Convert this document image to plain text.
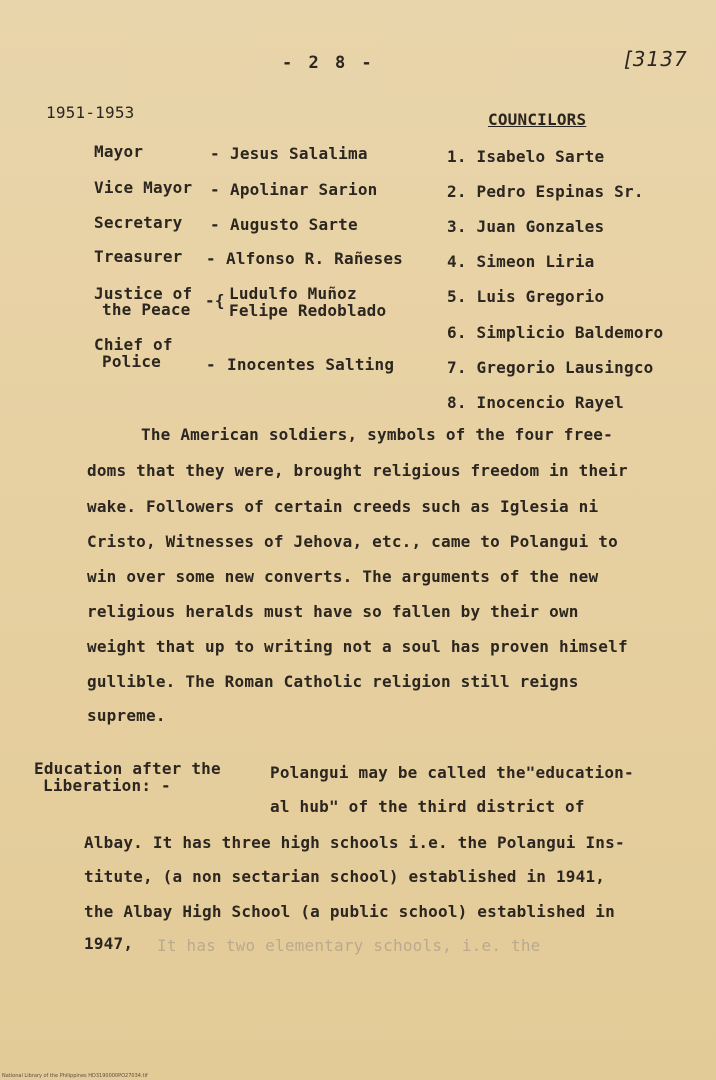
- 2 8 -	[3137
1951-1953
Mayor	- Jesus Salalima
Vice Mayor - Apolinar Sarion
Secretary - Augusto Sarte
Treasurer - Alfonso R. Rañeses
Justice of
the Peace -{ Ludulfo Muñoz
Felipe Redoblado
Chief of
Police	- Inocentes Salting
COUNCILORS
1. Isabelo Sarte
2. Pedro Espinas Sr.
3. Juan Gonzales
4. Simeon Liria
5. Luis Gregorio
6. Simplicio Baldemoro
7. Gregorio Lausingco
8. Inocencio Rayel
The American soldiers, symbols of the four free-
doms that they were, brought religious freedom in their
wake. Followers of certain creeds such as Iglesia ni
Cristo, Witnesses of Jehova, etc., came to Polangui to
win over some new converts. The arguments of the new
religious heralds must have so fallen by their own
weight that up to writing not a soul has proven himself
gullible. The Roman Catholic religion still reigns
supreme.
Education after the
Liberation: -
Polangui may be called the"education-
al hub" of the third district of
Albay. It has three high schools i.e. the Polangui Ins-
titute, (a non sectarian school) established in 1941,
the Albay High School (a public school) established in
1947, It has two elementary schools, i.e. the
National Library of the Philippines HD3190000PO27034.tif
